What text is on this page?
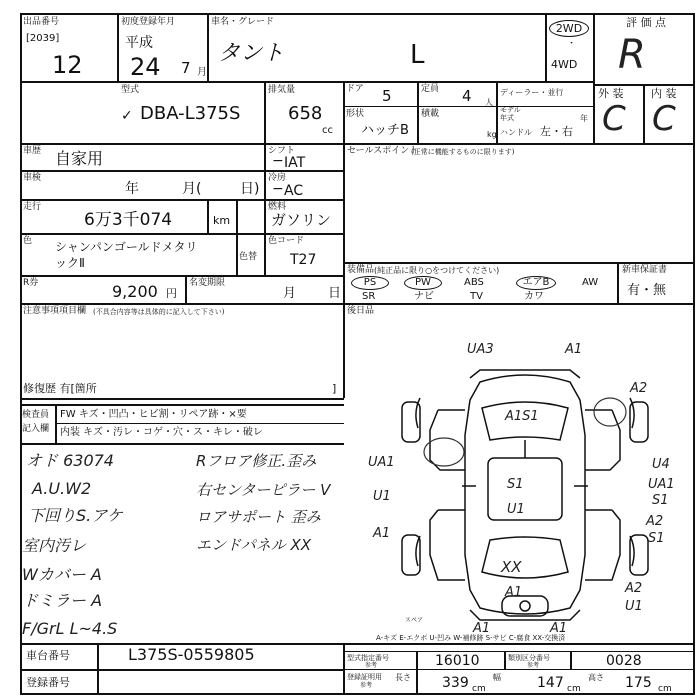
出品番号
[2039]
12
初度登録年月
平成
24 7 月
車名・グレード
タント	L
2WD
・
4WD
評 価 点
R
外 装	内 装
C C
型式
✓ DBA-L375S
排気量
658
cc
ドア 5	定員 4 人
ディーラー・並行
形状
ハッチB
積載
kg
モデル年式	年
ハンドル 左・右
車歴 自家用	シフト
− IAT
車検
年	月(	日)
冷房
− AC
走行
6万3千074	km
燃料
ガソリン
色 シャンパンゴールドメタリ
ックⅡ	色替
色コード
T27
R券	9,200 円
名変期限
月 日
注意事項項目欄 (不具合内容等は具体的に記入して下さい)
修復歴 有[箇所	]
セールスポイント
(正常に機能するものに限ります)
装備品 (純正品に限り○をつけてください)	新車保証書
有・無
PS	PW	ABS	エアB	AW
SR	ナビ	TV	カワ
後日品
検査員
記入欄
FW キズ・凹凸・ヒビ割・リペア跡・×要
内装 キズ・汚レ・コゲ・穴・ス・キレ・破レ
オド 63074
A.U.W2
下回りS.アケ
室内汚レ
Wカバー A
ドミラー A
F/GrL L~4.S
Rフロア修正.歪み
右センターピラー V
ロアサポート 歪み
エンドパネル XX
UA3	A1
A2
A1S1
UA1
U1
A1
U4
S1	UA1
S1
U1
A2
S1
XX
A1	A2
U1
A1	A1
スペア
A-キズ E-エクボ U-凹み W-補修跡 S-サビ C-腐食 XX-交換済
車台番号	L375S-0559805
登録番号
型式指定番号
参考	16010	類別区分番号
参考	0028
登録証明用
参考
長さ 339 cm
幅	147 cm
高さ 175 cm
